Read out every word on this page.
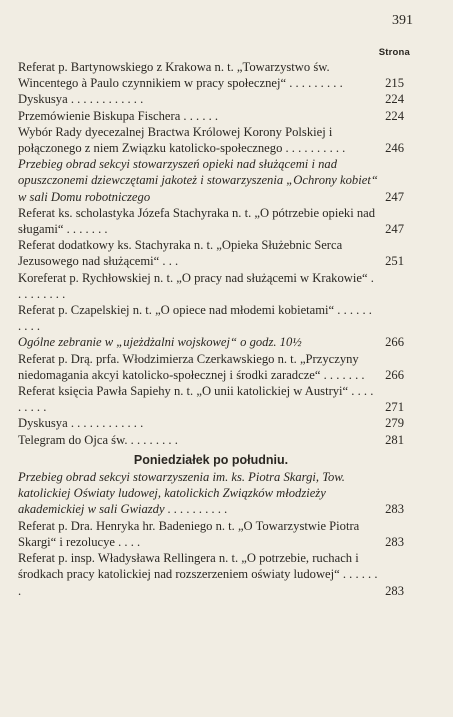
391
Strona
Referat p. Bartynowskiego z Krakowa n. t. „Towarzystwo św. Wincentego à Paulo czynnikiem w pracy społecznej“ . . . . . . . . .	215
Dyskusya . . . . . . . . . . . .	224
Przemówienie Biskupa Fischera . . . . . .	224
Wybór Rady dyecezalnej Bractwa Królowej Korony Polskiej i połączonego z niem Związku katolicko-społecznego . . . . . . . . . .	246
Przebieg obrad sekcyi stowarzyszeń opieki nad służącemi i nad opuszczonemi dziewczętami jakoteż i stowarzyszenia „Ochrony kobiet“ w sali Domu robotniczego	247
Referat ks. scholastyka Józefa Stachyraka n. t. „O pótrzebie opieki nad sługami“ . . . . . . .	247
Referat dodatkowy ks. Stachyraka n. t. „Opieka Służebnic Serca Jezusowego nad służącemi“ . . .	251
Koreferat p. Rychłowskiej n. t. „O pracy nad służącemi w Krakowie“ . . . . . . . . .
Referat p. Czapelskiej n. t. „O opiece nad młodemi kobietami“ . . . . . . . . . .
Ogólne zebranie w „ujeżdżalni wojskowej“ o godz. 10½	266
Referat p. Drą. prfa. Włodzimierza Czerkawskiego n. t. „Przyczyny niedomagania akcyi katolicko-społecznej i środki zaradcze“ . . . . . . .	266
Referat księcia Pawła Sapiehy n. t. „O unii katolickiej w Austryi“ . . . . . . . . .	271
Dyskusya . . . . . . . . . . . .	279
Telegram do Ojca św. . . . . . . . .	281
Poniedziałek po południu.
Przebieg obrad sekcyi stowarzyszenia im. ks. Piotra Skargi, Tow. katolickiej Oświaty ludowej, katolickich Związków młodzieży akademickiej w sali Gwiazdy . . . . . . . . . .	283
Referat p. Dra. Henryka hr. Badeniego n. t. „O Towarzystwie Piotra Skargi“ i rezolucye . . . .	283
Referat p. insp. Władysława Rellingera n. t. „O potrzebie, ruchach i środkach pracy katolickiej nad rozszerzeniem oświaty ludowej“ . . . . . . .	283
